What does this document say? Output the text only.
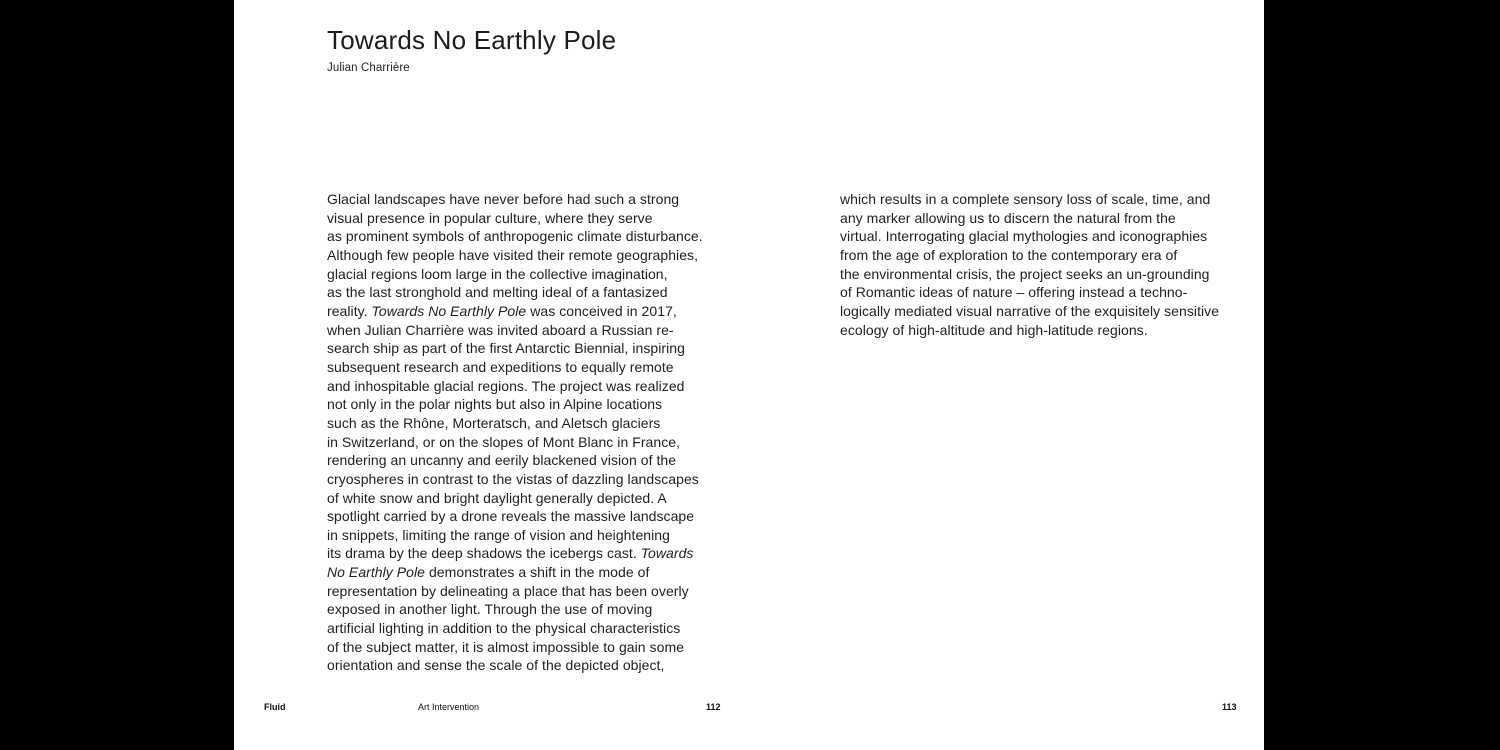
Towards No Earthly Pole
Julian Charrière
Glacial landscapes have never before had such a strong
visual presence in popular culture, where they serve
as prominent symbols of anthropogenic climate disturbance.
Although few people have visited their remote geographies,
glacial regions loom large in the collective imagination,
as the last stronghold and melting ideal of a fantasized
reality. Towards No Earthly Pole was conceived in 2017,
when Julian Charrière was invited aboard a Russian re-
search ship as part of the first Antarctic Biennial, inspiring
subsequent research and expeditions to equally remote
and inhospitable glacial regions. The project was realized
not only in the polar nights but also in Alpine locations
such as the Rhône, Morteratsch, and Aletsch glaciers
in Switzerland, or on the slopes of Mont Blanc in France,
rendering an uncanny and eerily blackened vision of the
cryospheres in contrast to the vistas of dazzling landscapes
of white snow and bright daylight generally depicted. A
spotlight carried by a drone reveals the massive landscape
in snippets, limiting the range of vision and heightening
its drama by the deep shadows the icebergs cast. Towards
No Earthly Pole demonstrates a shift in the mode of
representation by delineating a place that has been overly
exposed in another light. Through the use of moving
artificial lighting in addition to the physical characteristics
of the subject matter, it is almost impossible to gain some
orientation and sense the scale of the depicted object,
which results in a complete sensory loss of scale, time, and
any marker allowing us to discern the natural from the
virtual. Interrogating glacial mythologies and iconographies
from the age of exploration to the contemporary era of
the environmental crisis, the project seeks an un-grounding
of Romantic ideas of nature – offering instead a techno-
logically mediated visual narrative of the exquisitely sensitive
ecology of high-altitude and high-latitude regions.
Fluid	Art Intervention	112	113
